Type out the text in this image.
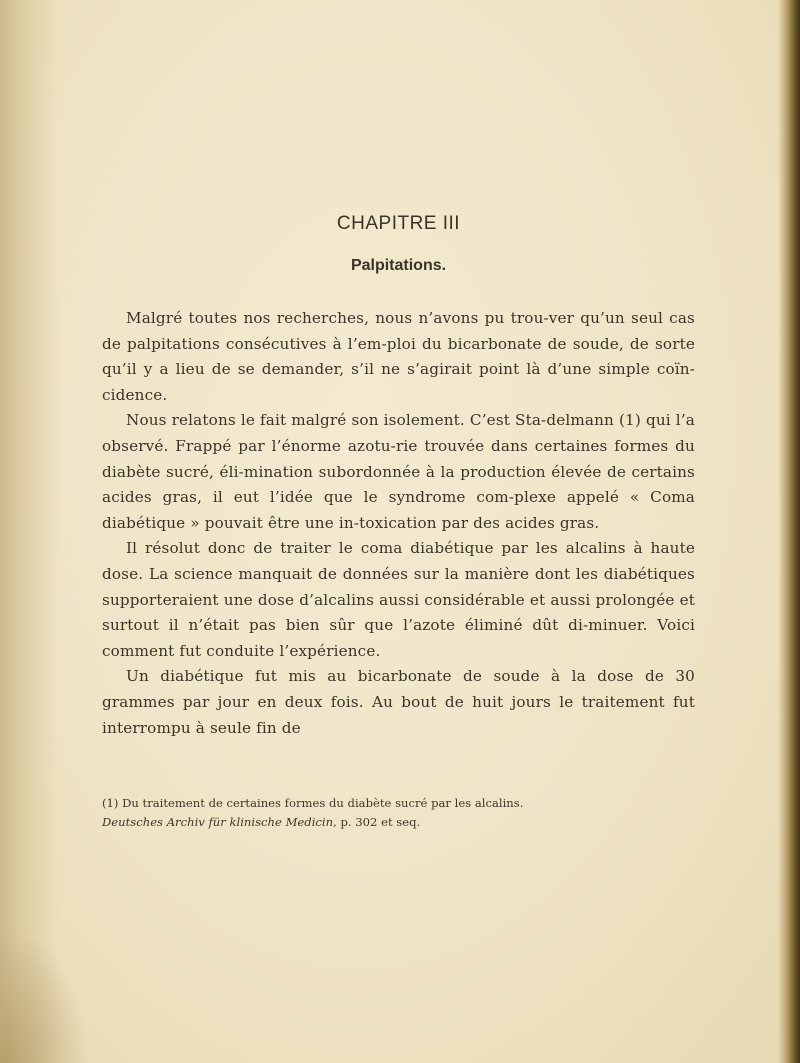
CHAPITRE III
Palpitations.

Malgré toutes nos recherches, nous n’avons pu trou-ver qu’un seul cas de palpitations consécutives à l’em-ploi du bicarbonate de soude, de sorte qu’il y a lieu de se demander, s’il ne s’agirait point là d’une simple coïn-cidence.

Nous relatons le fait malgré son isolement. C’est Sta-delmann (1) qui l’a observé. Frappé par l’énorme azotu-rie trouvée dans certaines formes du diabète sucré, éli-mination subordonnée à la production élevée de certains acides gras, il eut l’idée que le syndrome com-plexe appelé « Coma diabétique » pouvait être une in-toxication par des acides gras.

Il résolut donc de traiter le coma diabétique par les alcalins à haute dose. La science manquait de données sur la manière dont les diabétiques supporteraient une dose d’alcalins aussi considérable et aussi prolongée et surtout il n’était pas bien sûr que l’azote éliminé dût di-minuer. Voici comment fut conduite l’expérience.

Un diabétique fut mis au bicarbonate de soude à la dose de 30 grammes par jour en deux fois. Au bout de huit jours le traitement fut interrompu à seule fin de

(1) Du traitement de certaines formes du diabète sucré par les alcalins.

Deutsches Archiv für klinische Medicin, p. 302 et seq.
